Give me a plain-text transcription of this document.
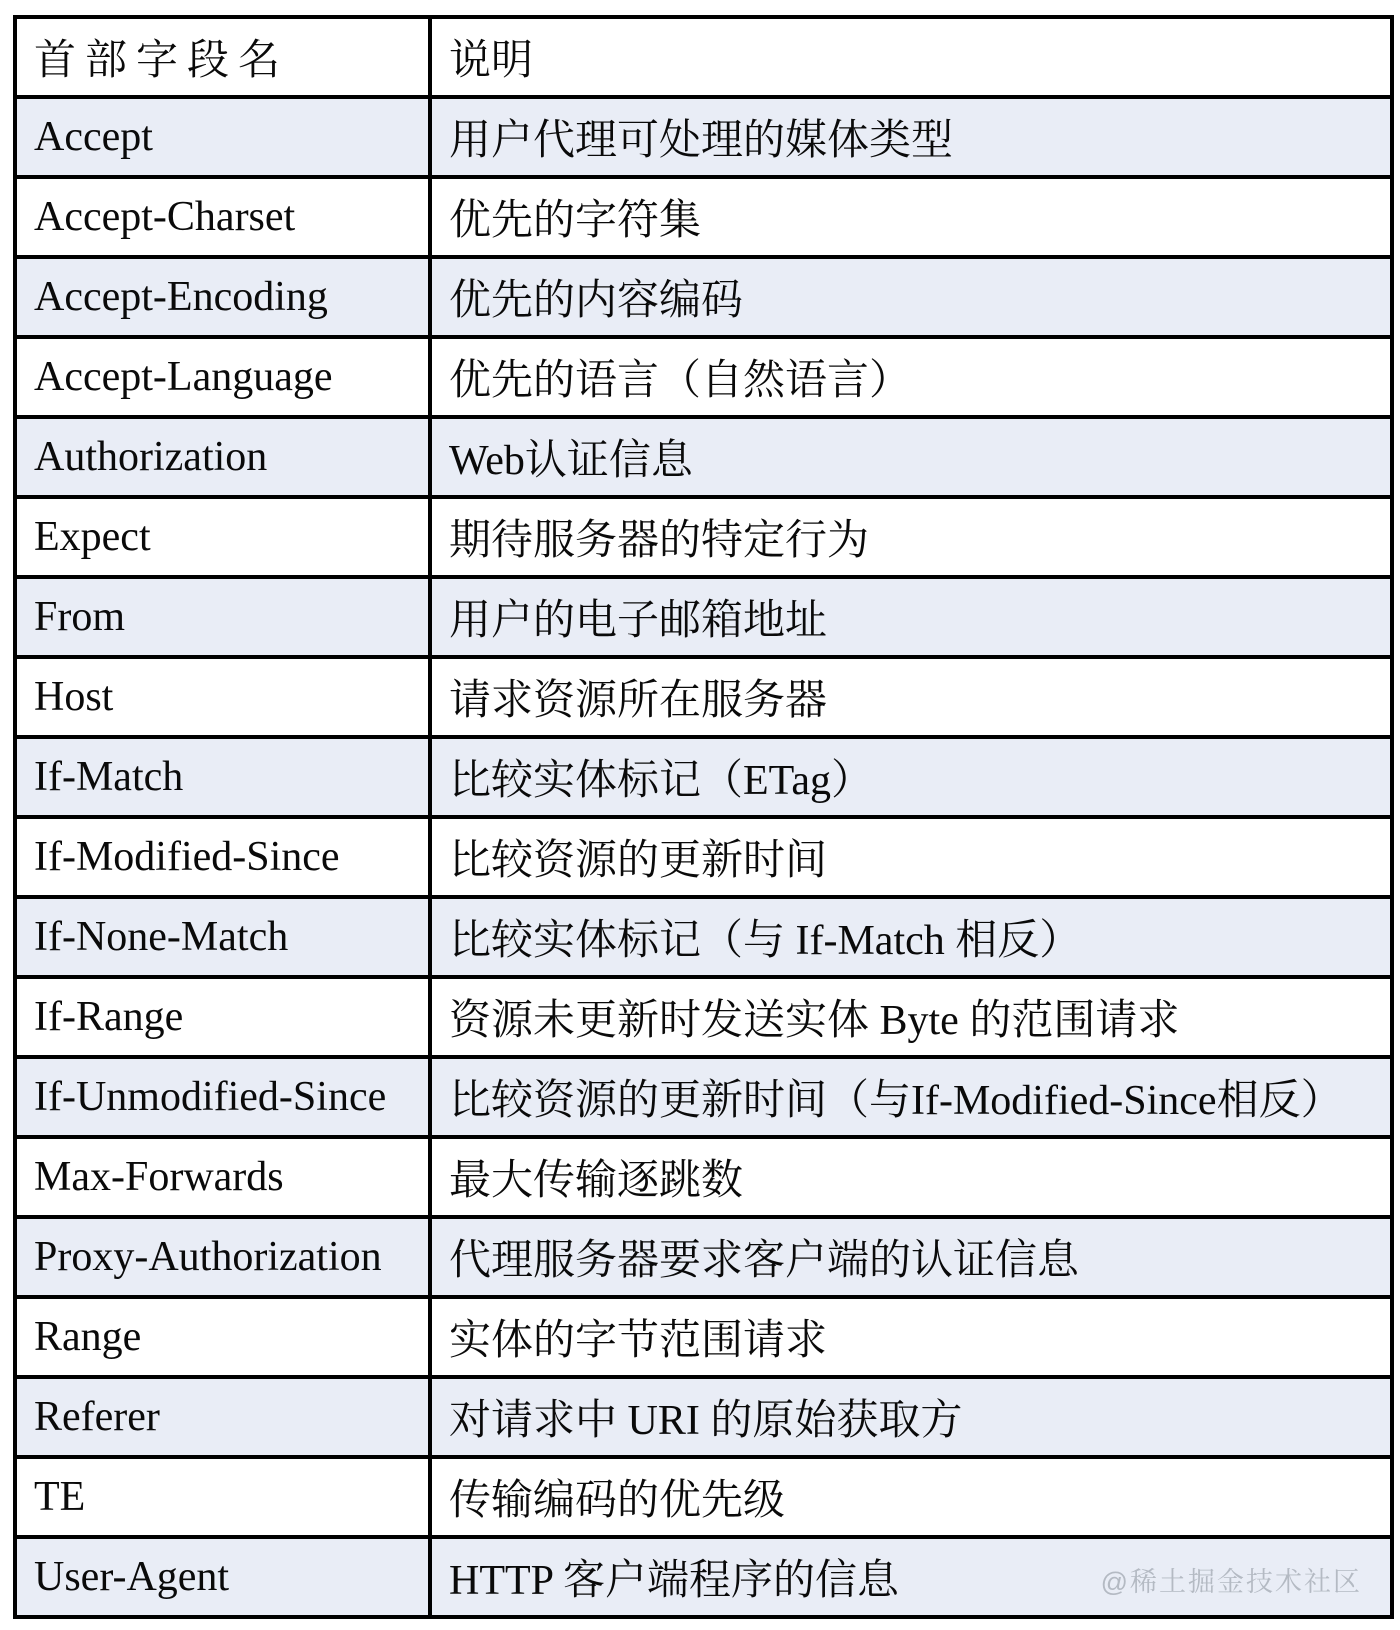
首部字段名	说明
Accept	用户代理可处理的媒体类型
Accept-Charset	优先的字符集
Accept-Encoding	优先的内容编码
Accept-Language	优先的语言（自然语言）
Authorization	Web认证信息
Expect	期待服务器的特定行为
From	用户的电子邮箱地址
Host	请求资源所在服务器
If-Match	比较实体标记（ETag）
If-Modified-Since	比较资源的更新时间
If-None-Match	比较实体标记（与 If-Match 相反）
If-Range	资源未更新时发送实体 Byte 的范围请求
If-Unmodified-Since	比较资源的更新时间（与If-Modified-Since相反）
Max-Forwards	最大传输逐跳数
Proxy-Authorization	代理服务器要求客户端的认证信息
Range	实体的字节范围请求
Referer	对请求中 URI 的原始获取方
TE	传输编码的优先级
User-Agent	HTTP 客户端程序的信息	@稀土掘金技术社区
